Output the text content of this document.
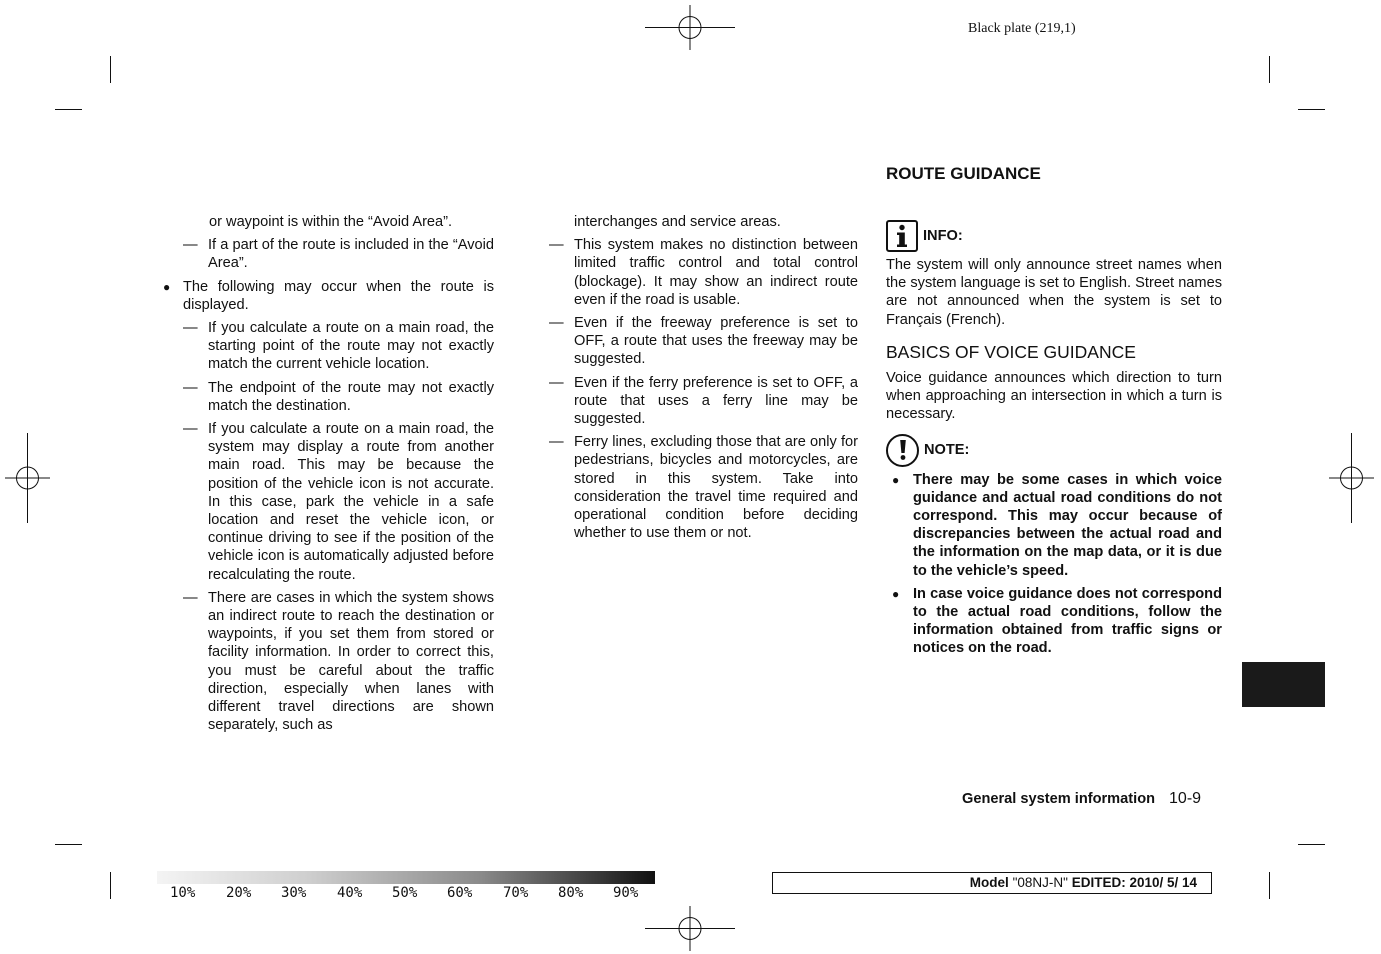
Black plate (219,1)

or waypoint is within the “Avoid Area”.

— If a part of the route is included in the “Avoid Area”.
● The following may occur when the route is displayed.
— If you calculate a route on a main road, the starting point of the route may not exactly match the current vehicle location.
— The endpoint of the route may not exactly match the destination.
— If you calculate a route on a main road, the system may display a route from another main road. This may be because the position of the vehicle icon is not accurate. In this case, park the vehicle in a safe location and reset the vehicle icon, or continue driving to see if the position of the vehicle icon is automatically adjusted before recalculating the route.
— There are cases in which the system shows an indirect route to reach the destination or waypoints, if you set them from stored or facility information. In order to correct this, you must be careful about the traffic direction, especially when lanes with different travel directions are shown separately, such as

interchanges and service areas.

— This system makes no distinction between limited traffic control and total control (blockage). It may show an indirect route even if the road is usable.
— Even if the freeway preference is set to OFF, a route that uses the freeway may be suggested.
— Even if the ferry preference is set to OFF, a route that uses a ferry line may be suggested.
— Ferry lines, excluding those that are only for pedestrians, bicycles and motorcycles, are stored in this system. Take into consideration the travel time required and operational condition before deciding whether to use them or not.
ROUTE GUIDANCE
INFO:

The system will only announce street names when the system language is set to English. Street names are not announced when the system is set to Français (French).

BASICS OF VOICE GUIDANCE

Voice guidance announces which direction to turn when approaching an intersection in which a turn is necessary.

NOTE:
● There may be some cases in which voice guidance and actual road conditions do not correspond. This may occur because of discrepancies between the actual road and the information on the map data, or it is due to the vehicle’s speed.
● In case voice guidance does not correspond to the actual road conditions, follow the information obtained from traffic signs or notices on the road.
General system information 10-9
Model "08NJ-N" EDITED: 2010/ 5/ 14
10% 20% 30% 40% 50% 60% 70% 80% 90%
